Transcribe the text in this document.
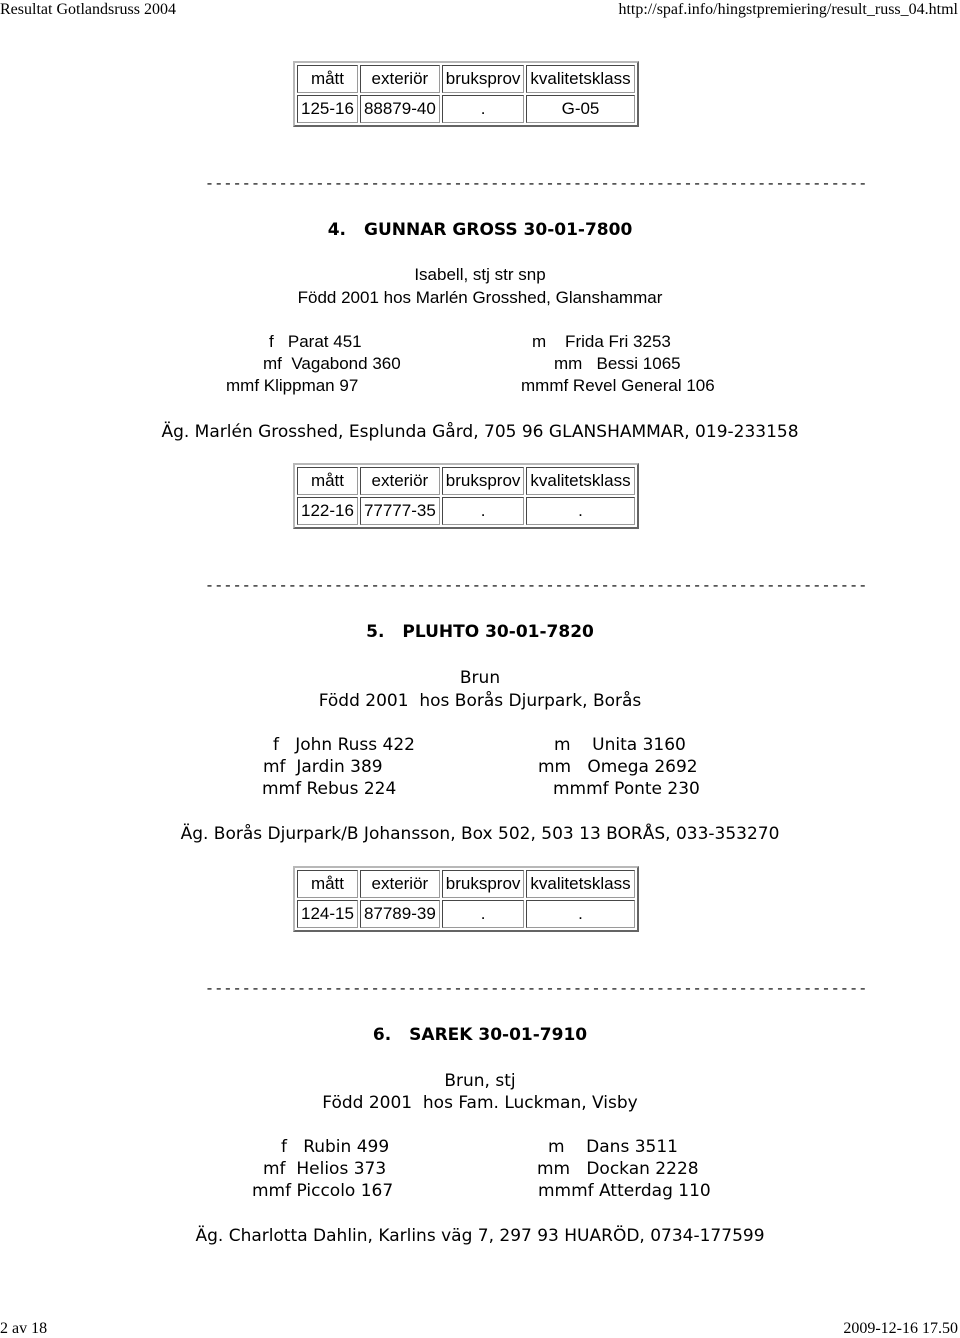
Resultat Gotlandsruss 2004	http://spaf.info/hingstpremiering/result_russ_04.html
2 av 18	2009-12-16 17.50
mått	exteriör	bruksprov	kvalitetsklass
125-16	88879-40	.	G-05
------------------------------------------------------------------------
4. GUNNAR GROSS 30-01-7800
Isabell, stj str snp
Född 2001 hos Marlén Grosshed, Glanshammar
f   Parat 451	m    Frida Fri 3253
mf  Vagabond 360	mm   Bessi 1065
mmf Klippman 97	mmmf Revel General 106
Äg. Marlén Grosshed, Esplunda Gård, 705 96 GLANSHAMMAR, 019-233158
mått	exteriör	bruksprov	kvalitetsklass
122-16	77777-35	.	.
------------------------------------------------------------------------
5. PLUHTO 30-01-7820
Brun
Född 2001  hos Borås Djurpark, Borås
f   John Russ 422	m    Unita 3160
mf  Jardin 389	mm   Omega 2692
mmf Rebus 224	mmmf Ponte 230
Äg. Borås Djurpark/B Johansson, Box 502, 503 13 BORÅS, 033-353270
mått	exteriör	bruksprov	kvalitetsklass
124-15	87789-39	.	.
------------------------------------------------------------------------
6. SAREK 30-01-7910
Brun, stj
Född 2001  hos Fam. Luckman, Visby
f   Rubin 499	m    Dans 3511
mf  Helios 373	mm   Dockan 2228
mmf Piccolo 167	mmmf Atterdag 110
Äg. Charlotta Dahlin, Karlins väg 7, 297 93 HUARÖD, 0734-177599
